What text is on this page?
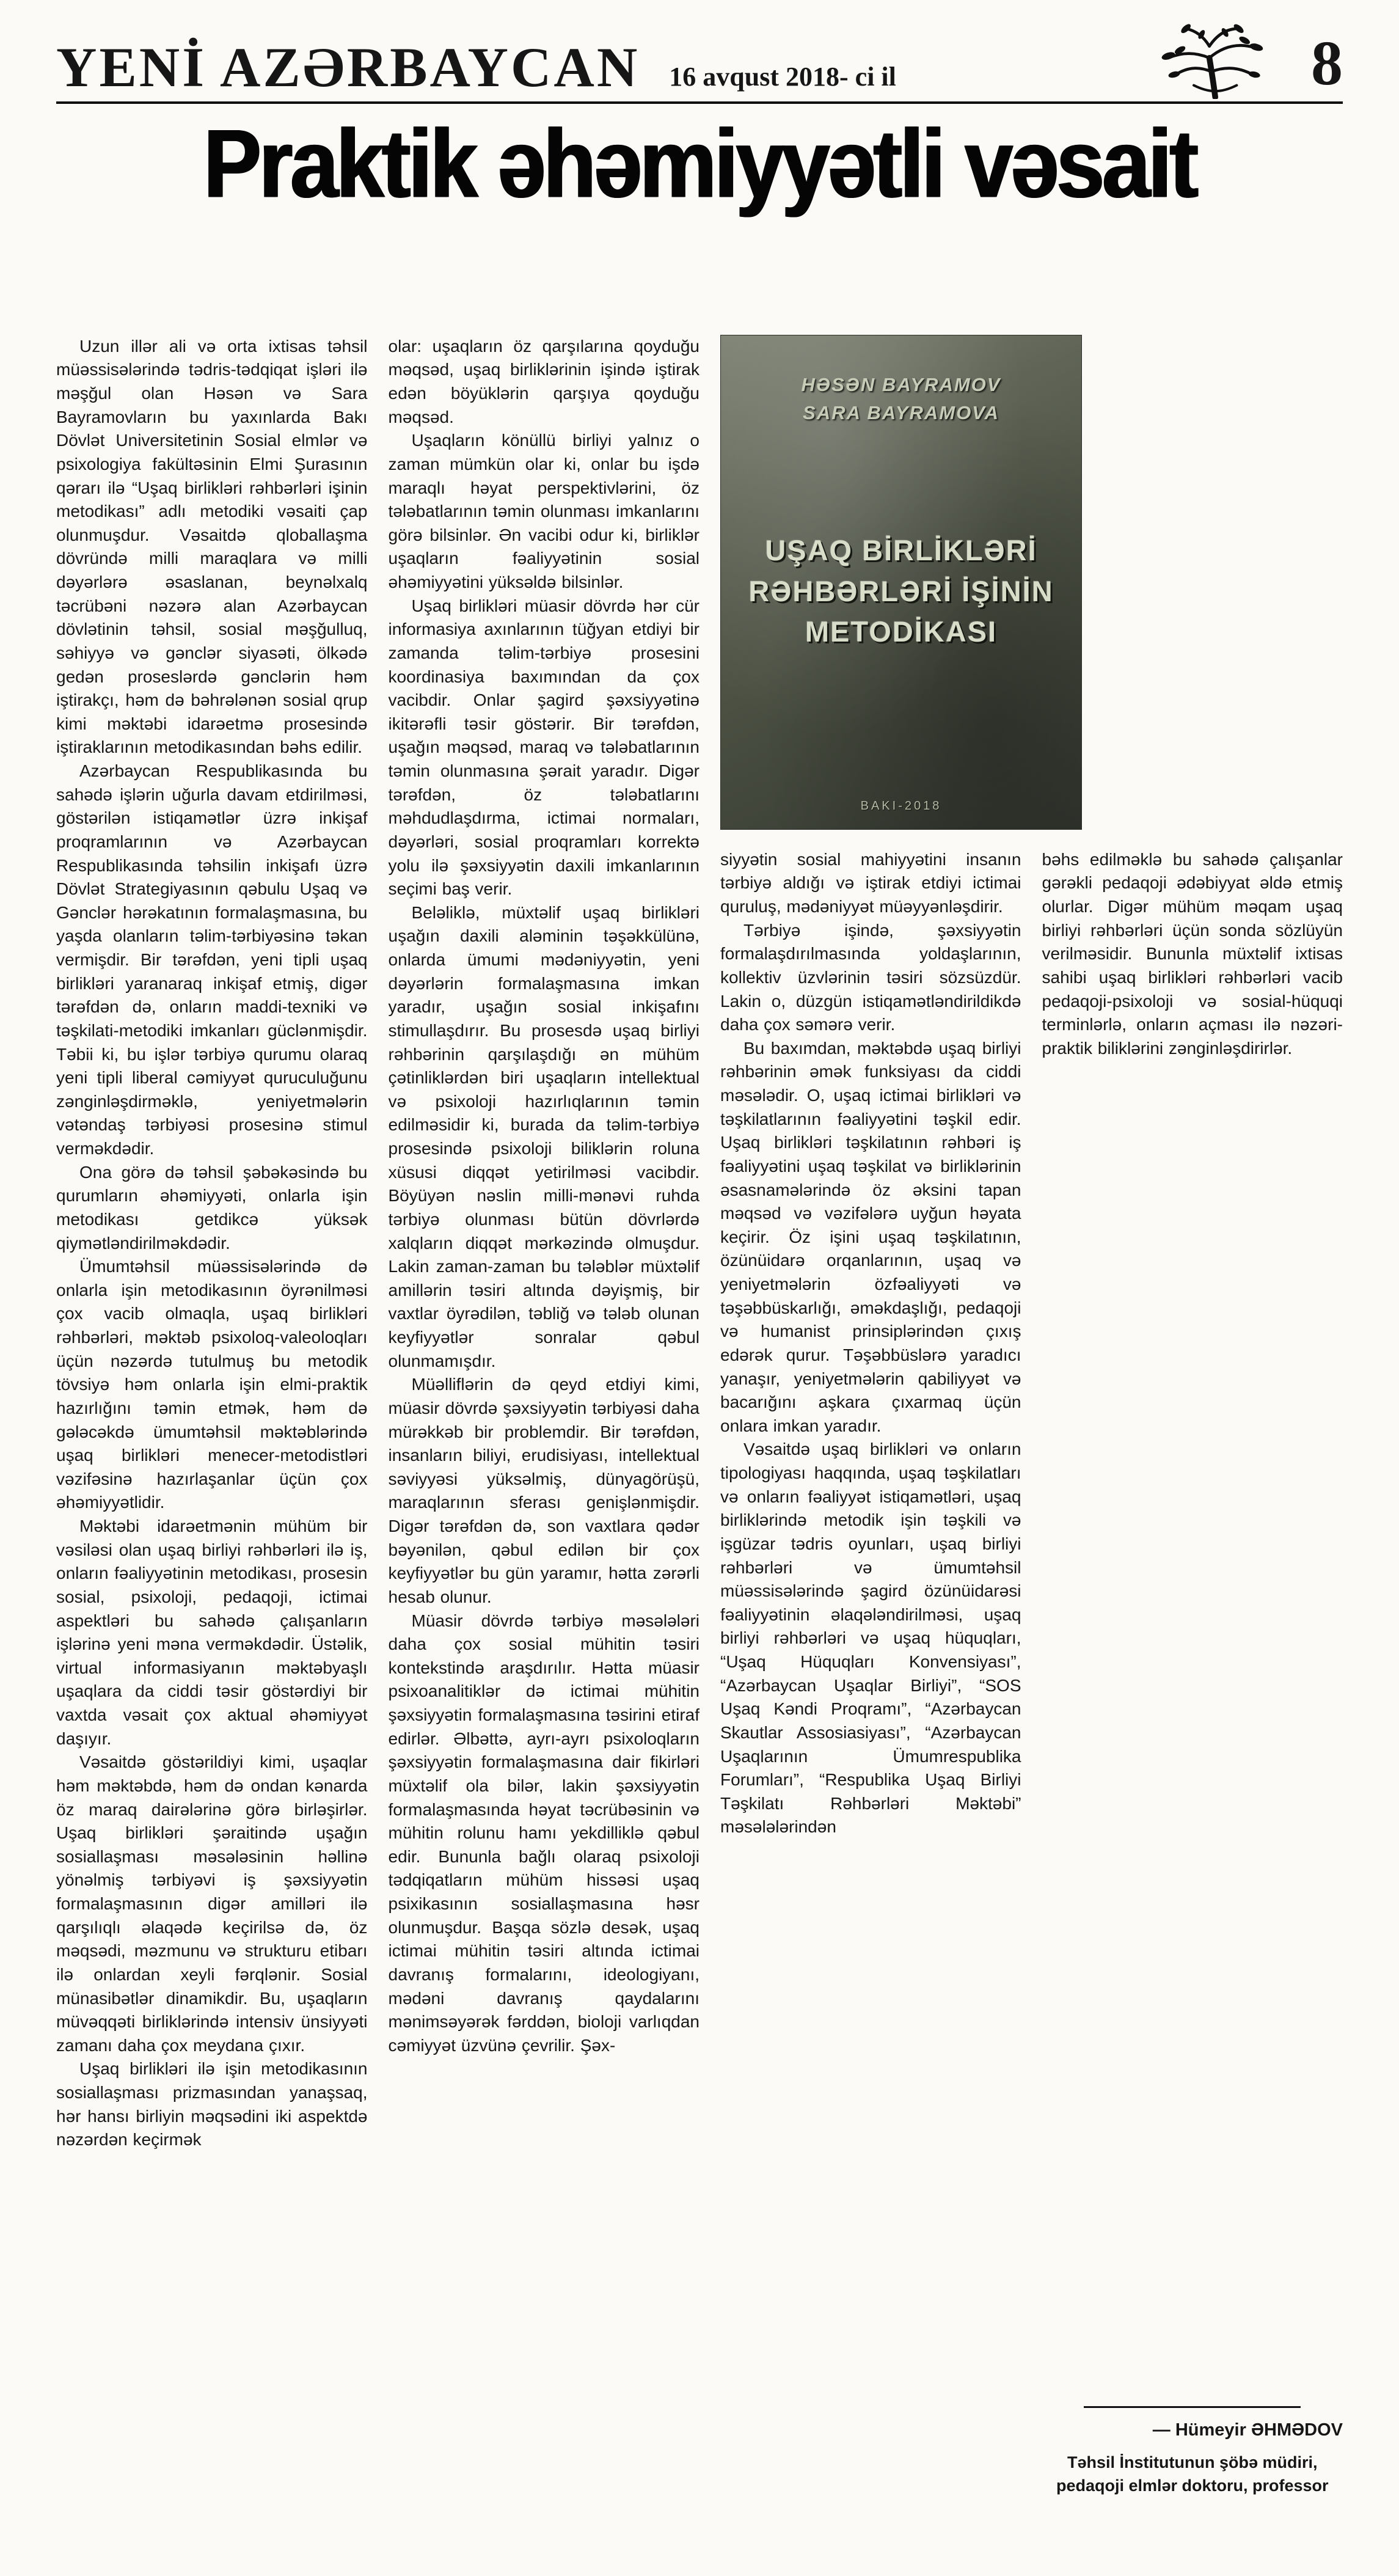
YENİ AZƏRBAYCAN 16 avqust 2018- ci il	8
Praktik əhəmiyyətli vəsait

Uzun illər ali və orta ixtisas təhsil müəssisələrində tədris-tədqiqat işləri ilə məşğul olan Həsən və Sara Bayramovların bu yaxınlarda Bakı Dövlət Universitetinin Sosial elmlər və psixologiya fakültəsinin Elmi Şurasının qərarı ilə “Uşaq birlikləri rəhbərləri işinin metodikası” adlı metodiki vəsaiti çap olunmuşdur. Vəsaitdə qloballaşma dövründə milli maraqlara və milli dəyərlərə əsaslanan, beynəlxalq təcrübəni nəzərə alan Azərbaycan dövlətinin təhsil, sosial məşğulluq, səhiyyə və gənclər siyasəti, ölkədə gedən proseslərdə gənclərin həm iştirakçı, həm də bəhrələnən sosial qrup kimi məktəbi idarəetmə prosesində iştiraklarının metodikasından bəhs edilir.

Azərbaycan Respublikasında bu sahədə işlərin uğurla davam etdirilməsi, göstərilən istiqamətlər üzrə inkişaf proqramlarının və Azərbaycan Respublikasında təhsilin inkişafı üzrə Dövlət Strategiyasının qəbulu Uşaq və Gənclər hərəkatının formalaşmasına, bu yaşda olanların təlim-tərbiyəsinə təkan vermişdir. Bir tərəfdən, yeni tipli uşaq birlikləri yaranaraq inkişaf etmiş, digər tərəfdən də, onların maddi-texniki və təşkilati-metodiki imkanları güclənmişdir. Təbii ki, bu işlər tərbiyə qurumu olaraq yeni tipli liberal cəmiyyət quruculuğunu zənginləşdirməklə, yeniyetmələrin vətəndaş tərbiyəsi prosesinə stimul verməkdədir.

Ona görə də təhsil şəbəkəsində bu qurumların əhəmiyyəti, onlarla işin metodikası getdikcə yüksək qiymətləndirilməkdədir.

Ümumtəhsil müəssisələrində də onlarla işin metodikasının öyrənilməsi çox vacib olmaqla, uşaq birlikləri rəhbərləri, məktəb psixoloq-valeoloqları üçün nəzərdə tutulmuş bu metodik tövsiyə həm onlarla işin elmi-praktik hazırlığını təmin etmək, həm də gələcəkdə ümumtəhsil məktəblərində uşaq birlikləri menecer-metodistləri vəzifəsinə hazırlaşanlar üçün çox əhəmiyyətlidir.

Məktəbi idarəetmənin mühüm bir vəsiləsi olan uşaq birliyi rəhbərləri ilə iş, onların fəaliyyətinin metodikası, prosesin sosial, psixoloji, pedaqoji, ictimai aspektləri bu sahədə çalışanların işlərinə yeni məna verməkdədir. Üstəlik, virtual informasiyanın məktəbyaşlı uşaqlara da ciddi təsir göstərdiyi bir vaxtda vəsait çox aktual əhəmiyyət daşıyır.

Vəsaitdə göstərildiyi kimi, uşaqlar həm məktəbdə, həm də ondan kənarda öz maraq dairələrinə görə birləşirlər. Uşaq birlikləri şəraitində uşağın sosiallaşması məsələsinin həllinə yönəlmiş tərbiyəvi iş şəxsiyyətin formalaşmasının digər amilləri ilə qarşılıqlı əlaqədə keçirilsə də, öz məqsədi, məzmunu və strukturu etibarı ilə onlardan xeyli fərqlənir. Sosial münasibətlər dinamikdir. Bu, uşaqların müvəqqəti birliklərində intensiv ünsiyyəti zamanı daha çox meydana çıxır.

Uşaq birlikləri ilə işin metodikasının sosiallaşması prizmasından yanaşsaq, hər hansı birliyin məqsədini iki aspektdə nəzərdən keçirmək

olar: uşaqların öz qarşılarına qoyduğu məqsəd, uşaq birliklərinin işində iştirak edən böyüklərin qarşıya qoyduğu məqsəd.

Uşaqların könüllü birliyi yalnız o zaman mümkün olar ki, onlar bu işdə maraqlı həyat perspektivlərini, öz tələbatlarının təmin olunması imkanlarını görə bilsinlər. Ən vacibi odur ki, birliklər uşaqların fəaliyyətinin sosial əhəmiyyətini yüksəldə bilsinlər.

Uşaq birlikləri müasir dövrdə hər cür informasiya axınlarının tüğyan etdiyi bir zamanda təlim-tərbiyə prosesini koordinasiya baxımından da çox vacibdir. Onlar şagird şəxsiyyətinə ikitərəfli təsir göstərir. Bir tərəfdən, uşağın məqsəd, maraq və tələbatlarının təmin olunmasına şərait yaradır. Digər tərəfdən, öz tələbatlarını məhdudlaşdırma, ictimai normaları, dəyərləri, sosial proqramları korrektə yolu ilə şəxsiyyətin daxili imkanlarının seçimi baş verir.

Beləliklə, müxtəlif uşaq birlikləri uşağın daxili aləminin təşəkkülünə, onlarda ümumi mədəniyyətin, yeni dəyərlərin formalaşmasına imkan yaradır, uşağın sosial inkişafını stimullaşdırır. Bu prosesdə uşaq birliyi rəhbərinin qarşılaşdığı ən mühüm çətinliklərdən biri uşaqların intellektual və psixoloji hazırlıqlarının təmin edilməsidir ki, burada da təlim-tərbiyə prosesində psixoloji biliklərin roluna xüsusi diqqət yetirilməsi vacibdir. Böyüyən nəslin milli-mənəvi ruhda tərbiyə olunması bütün dövrlərdə xalqların diqqət mərkəzində olmuşdur. Lakin zaman-zaman bu tələblər müxtəlif amillərin təsiri altında dəyişmiş, bir vaxtlar öyrədilən, təbliğ və tələb olunan keyfiyyətlər sonralar qəbul olunmamışdır.

Müəlliflərin də qeyd etdiyi kimi, müasir dövrdə şəxsiyyətin tərbiyəsi daha mürəkkəb bir problemdir. Bir tərəfdən, insanların biliyi, erudisiyası, intellektual səviyyəsi yüksəlmiş, dünyagörüşü, maraqlarının sferası genişlənmişdir. Digər tərəfdən də, son vaxtlara qədər bəyənilən, qəbul edilən bir çox keyfiyyətlər bu gün yaramır, hətta zərərli hesab olunur.

Müasir dövrdə tərbiyə məsələləri daha çox sosial mühitin təsiri kontekstində araşdırılır. Hətta müasir psixoanalitiklər də ictimai mühitin şəxsiyyətin formalaşmasına təsirini etiraf edirlər. Əlbəttə, ayrı-ayrı psixoloqların şəxsiyyətin formalaşmasına dair fikirləri müxtəlif ola bilər, lakin şəxsiyyətin formalaşmasında həyat təcrübəsinin və mühitin rolunu hamı yekdilliklə qəbul edir. Bununla bağlı olaraq psixoloji tədqiqatların mühüm hissəsi uşaq psixikasının sosiallaşmasına həsr olunmuşdur. Başqa sözlə desək, uşaq ictimai mühitin təsiri altında ictimai davranış formalarını, ideologiyanı, mədəni davranış qaydalarını mənimsəyərək fərddən, bioloji varlıqdan cəmiyyət üzvünə çevrilir. Şəx-

HƏSƏN BAYRAMOV
SARA BAYRAMOVA
UŞAQ BİRLİKLƏRİ
RƏHBƏRLƏRİ İŞİNİN
METODİKASI
BAKI-2018

siyyətin sosial mahiyyətini insanın tərbiyə aldığı və iştirak etdiyi ictimai quruluş, mədəniyyət müəyyənləşdirir.

Tərbiyə işində, şəxsiyyətin formalaşdırılmasında yoldaşlarının, kollektiv üzvlərinin təsiri sözsüzdür. Lakin o, düzgün istiqamətləndirildikdə daha çox səmərə verir.

Bu baxımdan, məktəbdə uşaq birliyi rəhbərinin əmək funksiyası da ciddi məsələdir. O, uşaq ictimai birlikləri və təşkilatlarının fəaliyyətini təşkil edir. Uşaq birlikləri təşkilatının rəhbəri iş fəaliyyətini uşaq təşkilat və birliklərinin əsasnamələrində öz əksini tapan məqsəd və vəzifələrə uyğun həyata keçirir. Öz işini uşaq təşkilatının, özünüidarə orqanlarının, uşaq və yeniyetmələrin özfəaliyyəti və təşəbbüskarlığı, əməkdaşlığı, pedaqoji və humanist prinsiplərindən çıxış edərək qurur. Təşəbbüslərə yaradıcı yanaşır, yeniyetmələrin qabiliyyət və bacarığını aşkara çıxarmaq üçün onlara imkan yaradır.

Vəsaitdə uşaq birlikləri və onların tipologiyası haqqında, uşaq təşkilatları və onların fəaliyyət istiqamətləri, uşaq birliklərində metodik işin təşkili və işgüzar tədris oyunları, uşaq birliyi rəhbərləri və ümumtəhsil müəssisələrində şagird özünüidarəsi fəaliyyətinin əlaqələndirilməsi, uşaq birliyi rəhbərləri və uşaq hüquqları, “Uşaq Hüquqları Konvensiyası”, “Azərbaycan Uşaqlar Birliyi”, “SOS Uşaq Kəndi Proqramı”, “Azərbaycan Skautlar Assosiasiyası”, “Azərbaycan Uşaqlarının Ümumrespublika Forumları”, “Respublika Uşaq Birliyi Təşkilatı Rəhbərləri Məktəbi” məsələlərindən

bəhs edilməklə bu sahədə çalışanlar gərəkli pedaqoji ədəbiyyat əldə etmiş olurlar. Digər mühüm məqam uşaq birliyi rəhbərləri üçün sonda sözlüyün verilməsidir. Bununla müxtəlif ixtisas sahibi uşaq birlikləri rəhbərləri vacib pedaqoji-psixoloji və sosial-hüquqi terminlərlə, onların açması ilə nəzəri-praktik biliklərini zənginləşdirirlər.

— Hümeyir ƏHMƏDOV
Təhsil İnstitutunun şöbə müdiri,
pedaqoji elmlər doktoru, professor
